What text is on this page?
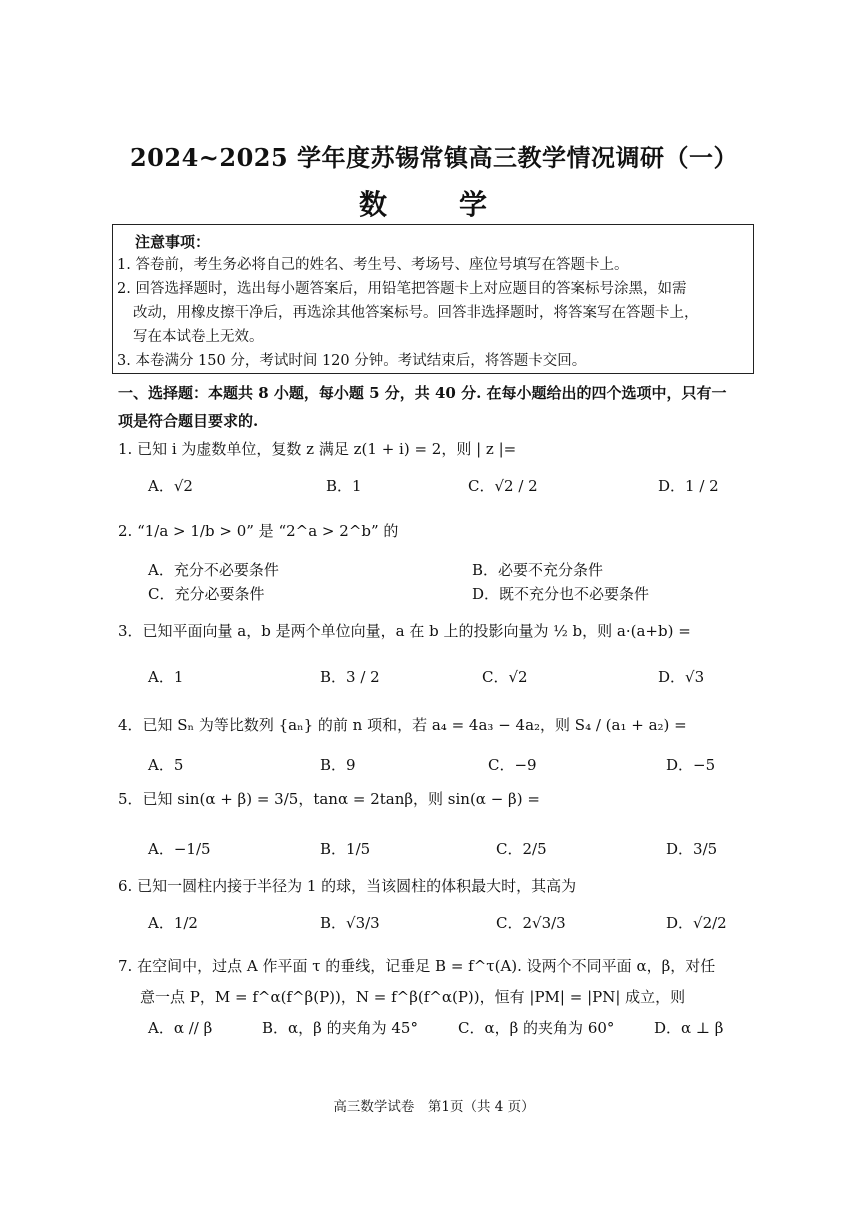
2024~2025 学年度苏锡常镇高三教学情况调研（一）
数　学
注意事项：
1. 答卷前，考生务必将自己的姓名、考生号、考场号、座位号填写在答题卡上。
2. 回答选择题时，选出每小题答案后，用铅笔把答题卡上对应题目的答案标号涂黑，如需
改动，用橡皮擦干净后，再选涂其他答案标号。回答非选择题时，将答案写在答题卡上，
写在本试卷上无效。
3. 本卷满分 150 分，考试时间 120 分钟。考试结束后，将答题卡交回。
一、选择题：本题共 8 小题，每小题 5 分，共 40 分. 在每小题给出的四个选项中，只有一
项是符合题目要求的.
1. 已知 i 为虚数单位，复数 z 满足 z(1 + i) = 2，则 | z |=
A．√2	B．1	C．√2 / 2	D．1 / 2
2. “1/a > 1/b > 0” 是 “2^a > 2^b” 的
A．充分不必要条件	B．必要不充分条件
C．充分必要条件	D．既不充分也不必要条件
3．已知平面向量 a，b 是两个单位向量，a 在 b 上的投影向量为 ½ b，则 a·(a+b) =
A．1	B．3 / 2	C．√2	D．√3
4．已知 Sₙ 为等比数列 {aₙ} 的前 n 项和，若 a₄ = 4a₃ − 4a₂，则 S₄ / (a₁ + a₂) =
A．5	B．9	C．−9	D．−5
5．已知 sin(α + β) = 3/5，tanα = 2tanβ，则 sin(α − β) =
A．−1/5	B．1/5	C．2/5	D．3/5
6. 已知一圆柱内接于半径为 1 的球，当该圆柱的体积最大时，其高为
A．1/2	B．√3/3	C．2√3/3	D．√2/2
7. 在空间中，过点 A 作平面 τ 的垂线，记垂足 B = f^τ(A). 设两个不同平面 α，β，对任
意一点 P，M = f^α(f^β(P))，N = f^β(f^α(P))，恒有 |PM| = |PN| 成立，则
A．α // β	B．α，β 的夹角为 45°	C．α，β 的夹角为 60°	D．α ⊥ β
高三数学试卷　第1页（共 4 页）
